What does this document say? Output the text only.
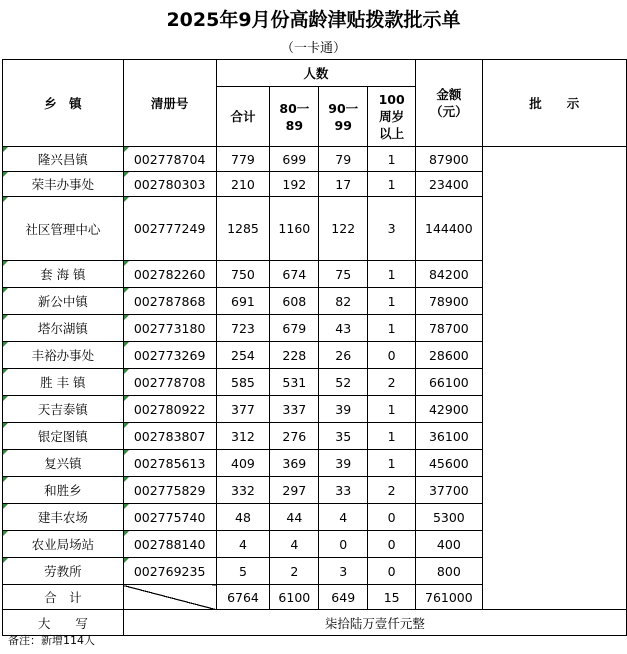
2025年9月份高龄津贴拨款批示单
（一卡通）
乡　镇	清册号	人数				金额（元）	批　　示
		合计	80一89	90一99	100周岁以上		
隆兴昌镇	002778704	779	699	79	1	87900	
荣丰办事处	002780303	210	192	17	1	23400	
社区管理中心	002777249	1285	1160	122	3	144400	
套 海 镇	002782260	750	674	75	1	84200	
新公中镇	002787868	691	608	82	1	78900	
塔尔湖镇	002773180	723	679	43	1	78700	
丰裕办事处	002773269	254	228	26	0	28600	
胜 丰 镇	002778708	585	531	52	2	66100	
天吉泰镇	002780922	377	337	39	1	42900	
银定图镇	002783807	312	276	35	1	36100	
复兴镇	002785613	409	369	39	1	45600	
和胜乡	002775829	332	297	33	2	37700	
建丰农场	002775740	48	44	4	0	5300	
农业局场站	002788140	4	4	0	0	400	
劳教所	002769235	5	2	3	0	800	
合　计		6764	6100	649	15	761000	
大　　写	柒拾陆万壹仟元整						
备注：新增114人
